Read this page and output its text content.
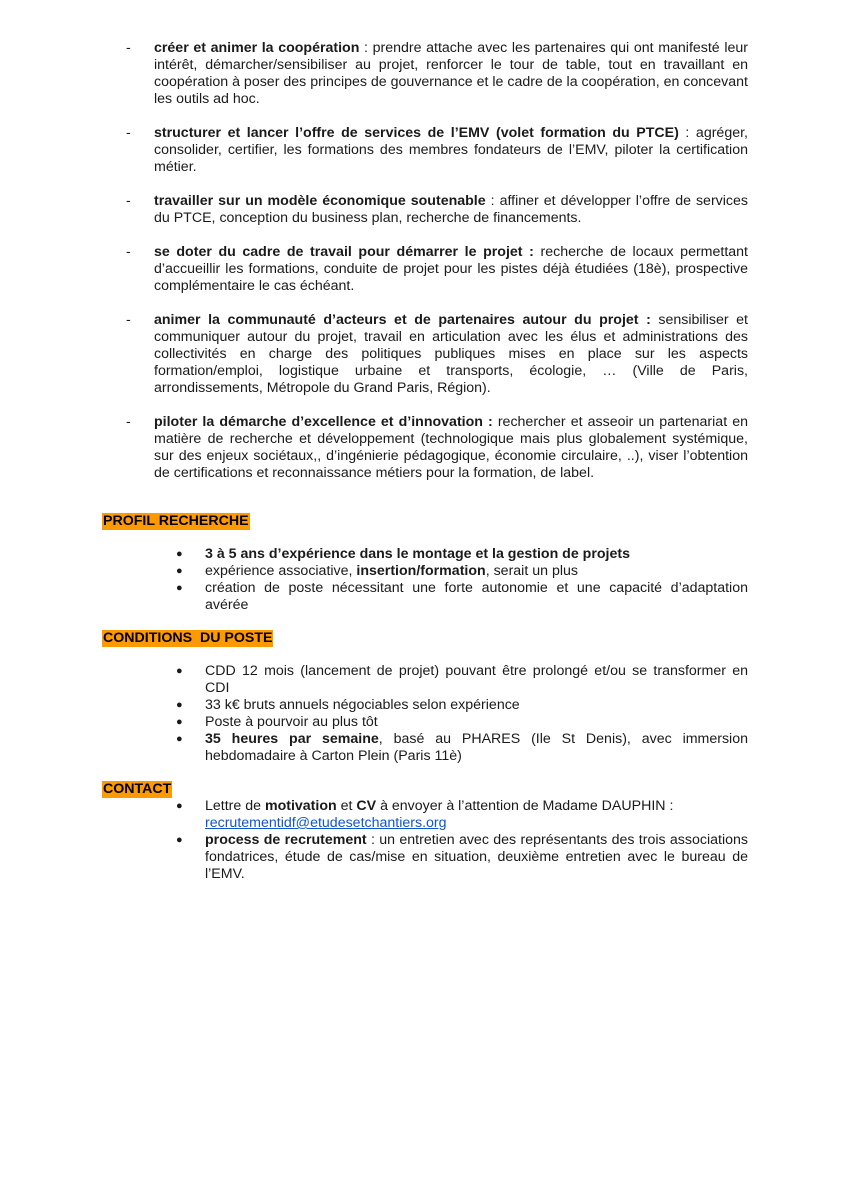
- créer et animer la coopération : prendre attache avec les partenaires qui ont manifesté leur intérêt, démarcher/sensibiliser au projet, renforcer le tour de table, tout en travaillant en coopération à poser des principes de gouvernance et le cadre de la coopération, en concevant les outils ad hoc.
- structurer et lancer l’offre de services de l’EMV (volet formation du PTCE) : agréger, consolider, certifier, les formations des membres fondateurs de l’EMV, piloter la certification métier.
- travailler sur un modèle économique soutenable : affiner et développer l’offre de services du PTCE, conception du business plan, recherche de financements.
- se doter du cadre de travail pour démarrer le projet : recherche de locaux permettant d’accueillir les formations, conduite de projet pour les pistes déjà étudiées (18è), prospective complémentaire le cas échéant.
- animer la communauté d’acteurs et de partenaires autour du projet : sensibiliser et communiquer autour du projet, travail en articulation avec les élus et administrations des collectivités en charge des politiques publiques mises en place sur les aspects formation/emploi, logistique urbaine et transports, écologie, … (Ville de Paris, arrondissements, Métropole du Grand Paris, Région).
- piloter la démarche d’excellence et d’innovation : rechercher et asseoir un partenariat en matière de recherche et développement (technologique mais plus globalement systémique, sur des enjeux sociétaux,, d’ingénierie pédagogique, économie circulaire, ..), viser l’obtention de certifications et reconnaissance métiers pour la formation, de label.
PROFIL RECHERCHE
● 3 à 5 ans d’expérience dans le montage et la gestion de projets
● expérience associative, insertion/formation, serait un plus
● création de poste nécessitant une forte autonomie et une capacité d’adaptation avérée
CONDITIONS  DU POSTE
● CDD 12 mois (lancement de projet) pouvant être prolongé et/ou se transformer en CDI
● 33 k€ bruts annuels négociables selon expérience
● Poste à pourvoir au plus tôt
● 35 heures par semaine, basé au PHARES (Ile St Denis), avec immersion hebdomadaire à Carton Plein (Paris 11è)
CONTACT
● Lettre de motivation et CV à envoyer à l’attention de Madame DAUPHIN :
recrutementidf@etudesetchantiers.org
● process de recrutement : un entretien avec des représentants des trois associations fondatrices, étude de cas/mise en situation, deuxième entretien avec le bureau de l’EMV.
